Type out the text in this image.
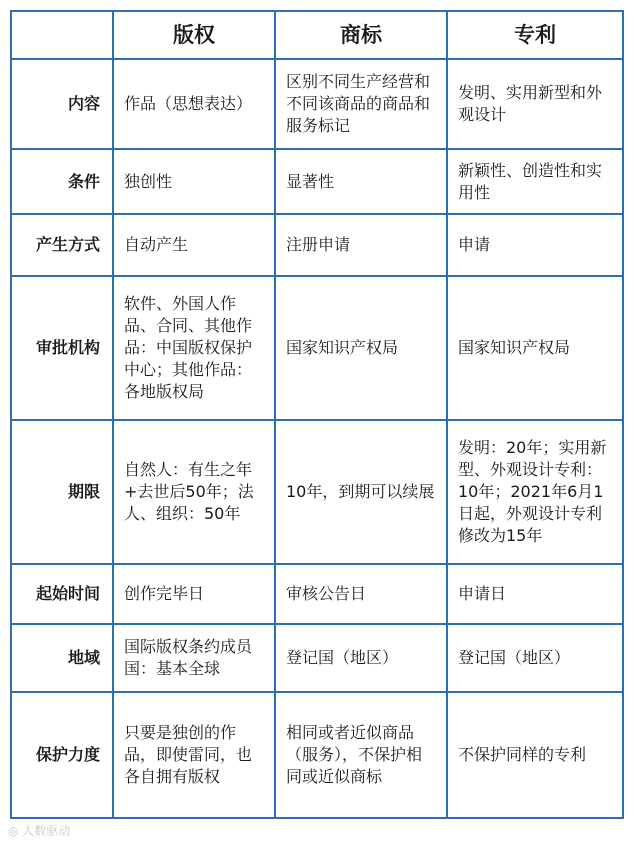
	版权	商标	专利
内容	作品（思想表达）	区别不同生产经营和不同该商品的商品和服务标记	发明、实用新型和外观设计
条件	独创性	显著性	新颖性、创造性和实用性
产生方式	自动产生	注册申请	申请
审批机构	软件、外国人作品、合同、其他作品：中国版权保护中心；其他作品：各地版权局	国家知识产权局	国家知识产权局
期限	自然人：有生之年+去世后50年；法人、组织：50年	10年，到期可以续展	发明：20年；实用新型、外观设计专利：10年；2021年6月1日起，外观设计专利修改为15年
起始时间	创作完毕日	审核公告日	申请日
地域	国际版权条约成员国：基本全球	登记国（地区）	登记国（地区）
保护力度	只要是独创的作品，即使雷同，也各自拥有版权	相同或者近似商品（服务），不保护相同或近似商标	不保护同样的专利
◎ 人数驱动
